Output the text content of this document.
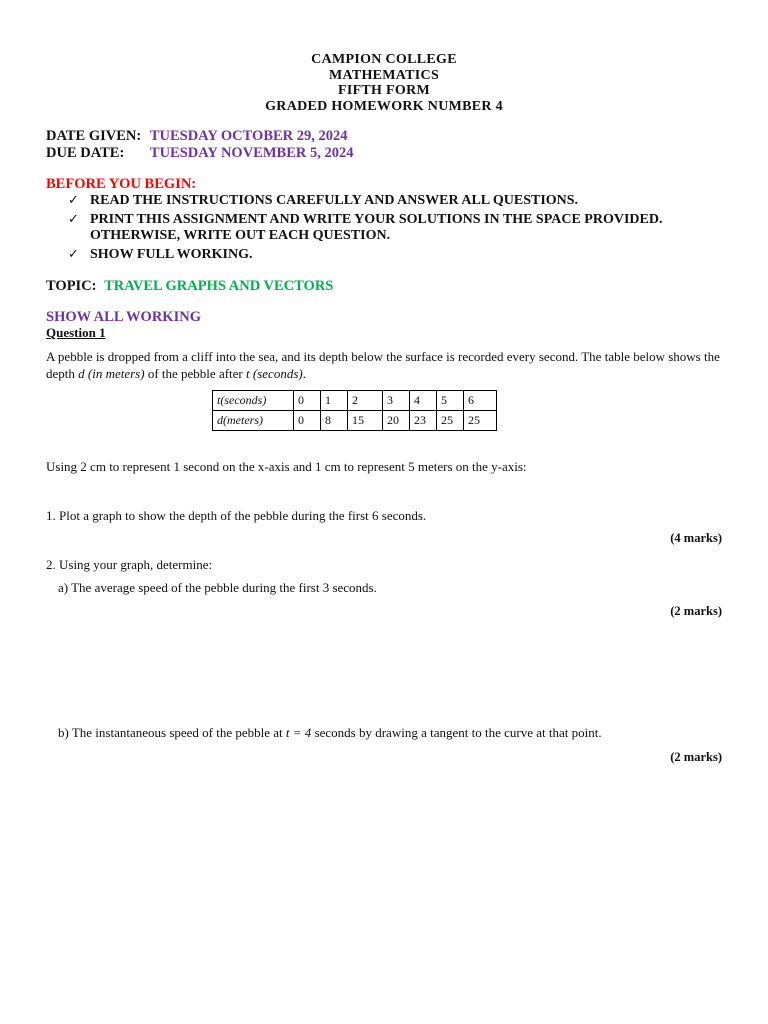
CAMPION COLLEGE
MATHEMATICS
FIFTH FORM
GRADED HOMEWORK NUMBER 4
DATE GIVEN: TUESDAY OCTOBER 29, 2024
DUE DATE: TUESDAY NOVEMBER 5, 2024
BEFORE YOU BEGIN:
✓ READ THE INSTRUCTIONS CAREFULLY AND ANSWER ALL QUESTIONS.
✓ PRINT THIS ASSIGNMENT AND WRITE YOUR SOLUTIONS IN THE SPACE PROVIDED. OTHERWISE, WRITE OUT EACH QUESTION.
✓ SHOW FULL WORKING.
TOPIC: TRAVEL GRAPHS AND VECTORS
SHOW ALL WORKING
Question 1
A pebble is dropped from a cliff into the sea, and its depth below the surface is recorded every second. The table below shows the depth d (in meters) of the pebble after t (seconds).
t(seconds)	0	1	2	3	4	5	6
d(meters)	0	8	15	20	23	25	25
Using 2 cm to represent 1 second on the x-axis and 1 cm to represent 5 meters on the y-axis:
1. Plot a graph to show the depth of the pebble during the first 6 seconds.
(4 marks)
2. Using your graph, determine:
a) The average speed of the pebble during the first 3 seconds.
(2 marks)
b) The instantaneous speed of the pebble at t = 4 seconds by drawing a tangent to the curve at that point.
(2 marks)
